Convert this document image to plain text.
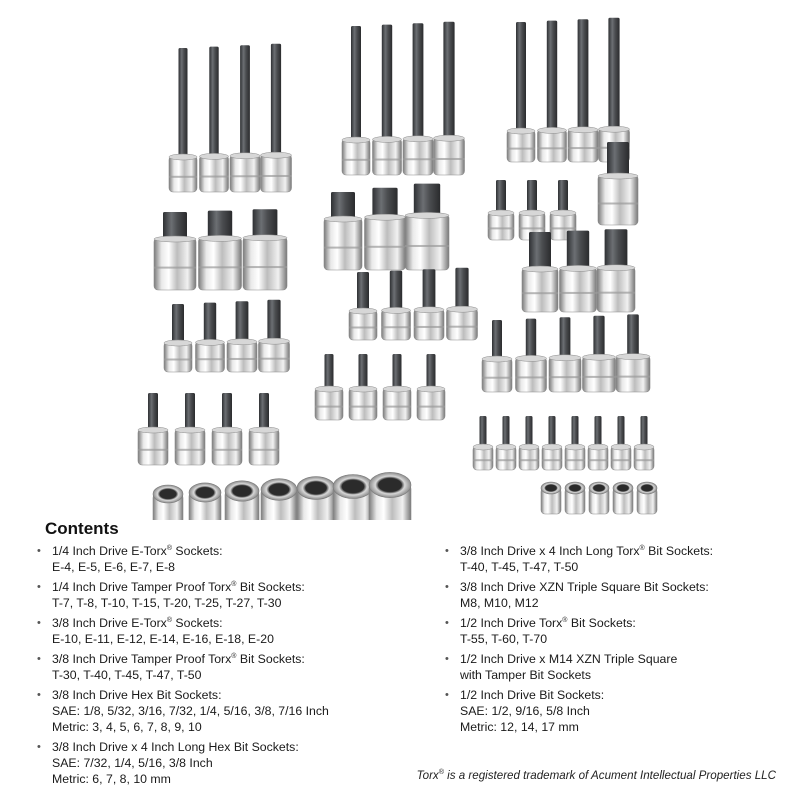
Contents
• 1/4 Inch Drive E-Torx® Sockets:
E-4, E-5, E-6, E-7, E-8
• 1/4 Inch Drive Tamper Proof Torx® Bit Sockets:
T-7, T-8, T-10, T-15, T-20, T-25, T-27, T-30
• 3/8 Inch Drive E-Torx® Sockets:
E-10, E-11, E-12, E-14, E-16, E-18, E-20
• 3/8 Inch Drive Tamper Proof Torx® Bit Sockets:
T-30, T-40, T-45, T-47, T-50
• 3/8 Inch Drive Hex Bit Sockets:
SAE: 1/8, 5/32, 3/16, 7/32, 1/4, 5/16, 3/8, 7/16 Inch
Metric: 3, 4, 5, 6, 7, 8, 9, 10
• 3/8 Inch Drive x 4 Inch Long Hex Bit Sockets:
SAE: 7/32, 1/4, 5/16, 3/8 Inch
Metric: 6, 7, 8, 10 mm
• 3/8 Inch Drive x 4 Inch Long Torx® Bit Sockets:
T-40, T-45, T-47, T-50
• 3/8 Inch Drive XZN Triple Square Bit Sockets:
M8, M10, M12
• 1/2 Inch Drive Torx® Bit Sockets:
T-55, T-60, T-70
• 1/2 Inch Drive x M14 XZN Triple Square
with Tamper Bit Sockets
• 1/2 Inch Drive Bit Sockets:
SAE: 1/2, 9/16, 5/8 Inch
Metric: 12, 14, 17 mm
Torx® is a registered trademark of Acument Intellectual Properties LLC
